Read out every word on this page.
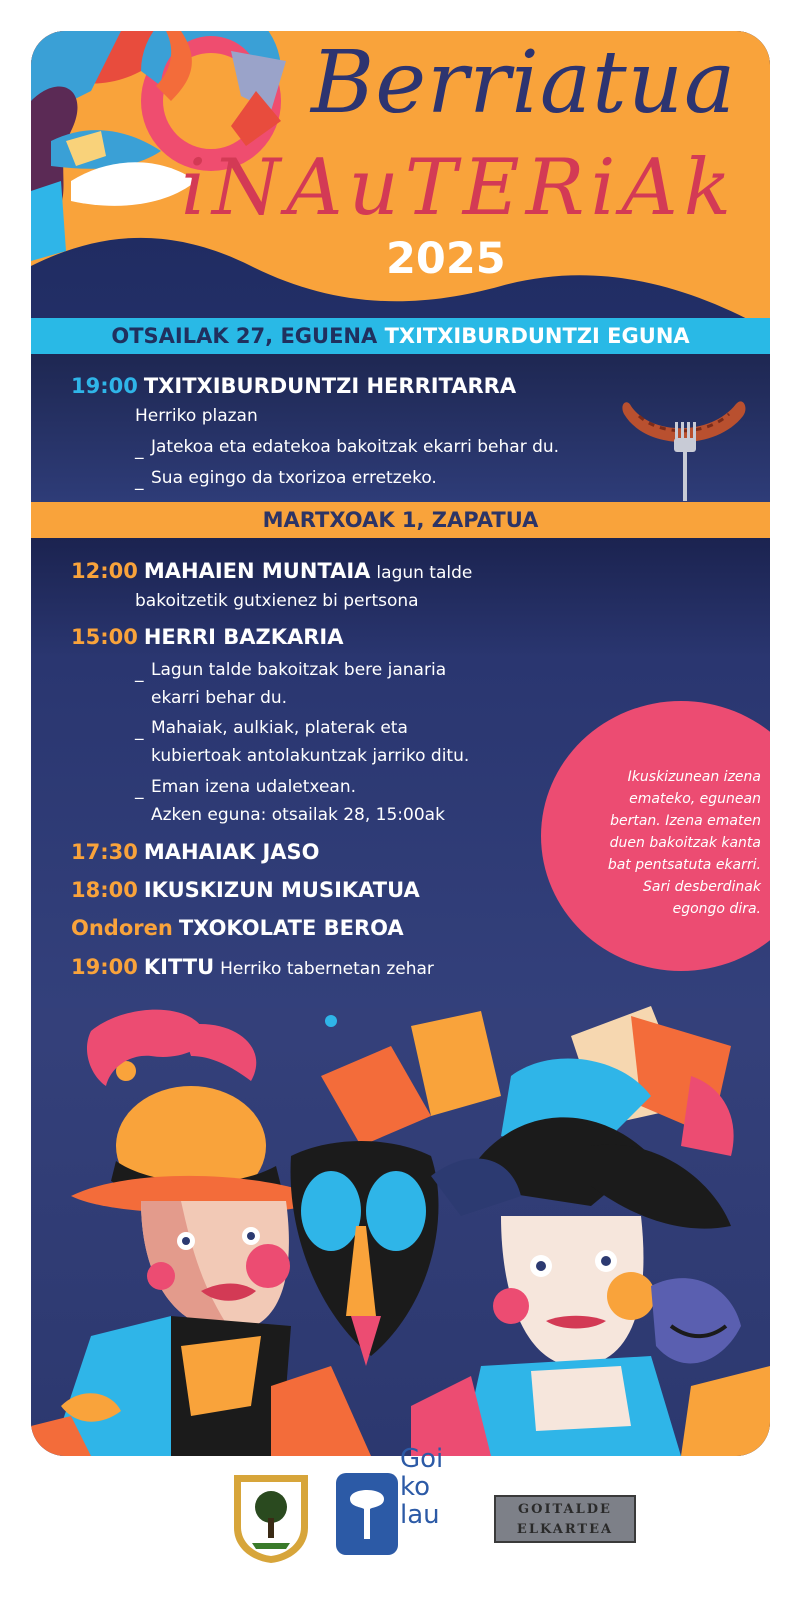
Berriatua
iNAuTERiAk
2025
OTSAILAK 27, EGUENA TXITXIBURDUNTZI EGUNA
19:00 TXITXIBURDUNTZI HERRITARRA
Herriko plazan
_ Jatekoa eta edatekoa bakoitzak ekarri behar du.
_ Sua egingo da txorizoa erretzeko.
MARTXOAK 1, ZAPATUA
Ikuskizunean izena
emateko, egunean
bertan. Izena ematen
duen bakoitzak kanta
bat pentsatuta ekarri.
Sari desberdinak
egongo dira.
12:00 MAHAIEN MUNTAIA lagun talde
bakoitzetik gutxienez bi pertsona
15:00 HERRI BAZKARIA
_ Lagun talde bakoitzak bere janaria
ekarri behar du.
_ Mahaiak, aulkiak, platerak eta
kubiertoak antolakuntzak jarriko ditu.
_ Eman izena udaletxean.
Azken eguna: otsailak 28, 15:00ak
17:30 MAHAIAK JASO
18:00 IKUSKIZUN MUSIKATUA
Ondoren TXOKOLATE BEROA
19:00 KITTU Herriko tabernetan zehar
Goi
ko
lau	GOITALDE ELKARTEA
